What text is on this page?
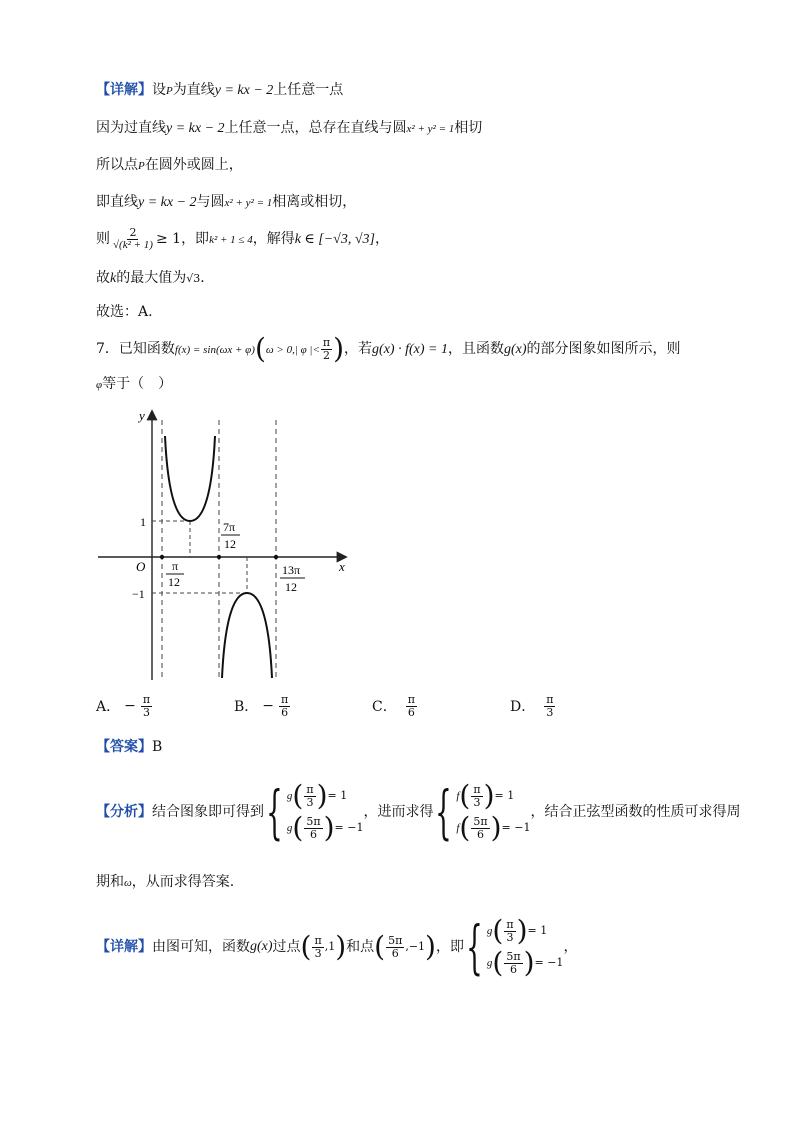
【详解】设P为直线y = kx − 2上任意一点
因为过直线y = kx − 2上任意一点，总存在直线与圆x² + y² = 1相切
所以点P在圆外或圆上，
即直线y = kx − 2与圆x² + y² = 1相离或相切，
则 $\frac{2}{\text{√(k² + 1)}} \ge 1$，即k² + 1 ≤ 4，解得k ∈ [−√3, √3]，
故k的最大值为√3.
故选：A.
7．已知函数f(x) = sin(ωx + φ)(ω > 0,| φ |< $\frac{\pi}{2}$ )，若g(x) · f(x) = 1，且函数g(x)的部分图象如图所示，则
φ等于（　）
y
x
O
1
−1
π
12
7π
12
13π
12
A． − $\frac{\pi}{3}$	B． − $\frac{\pi}{6}$	C． $\frac{\pi}{6}$	D． $\frac{\pi}{3}$
【答案】B
【分析】 结合图象即可得到 { g ( $\frac{\pi}{3}$ ) = 1
g ( $\frac{5\pi}{6}$ ) = −1
，进而求得 { f ( $\frac{\pi}{3}$ ) = 1
f ( $\frac{5\pi}{6}$ ) = −1
，结合正弦型函数的性质可求得周
期和ω，从而求得答案.
【详解】 由图可知，函数 g(x) 过点 ( $\frac{\pi}{3} ,1$ ) 和点 ( $\frac{5\pi}{6} ,-1$ ) ，即 { g ( $\frac{\pi}{3}$ ) = 1
g ( $\frac{5\pi}{6}$ ) = −1
，
